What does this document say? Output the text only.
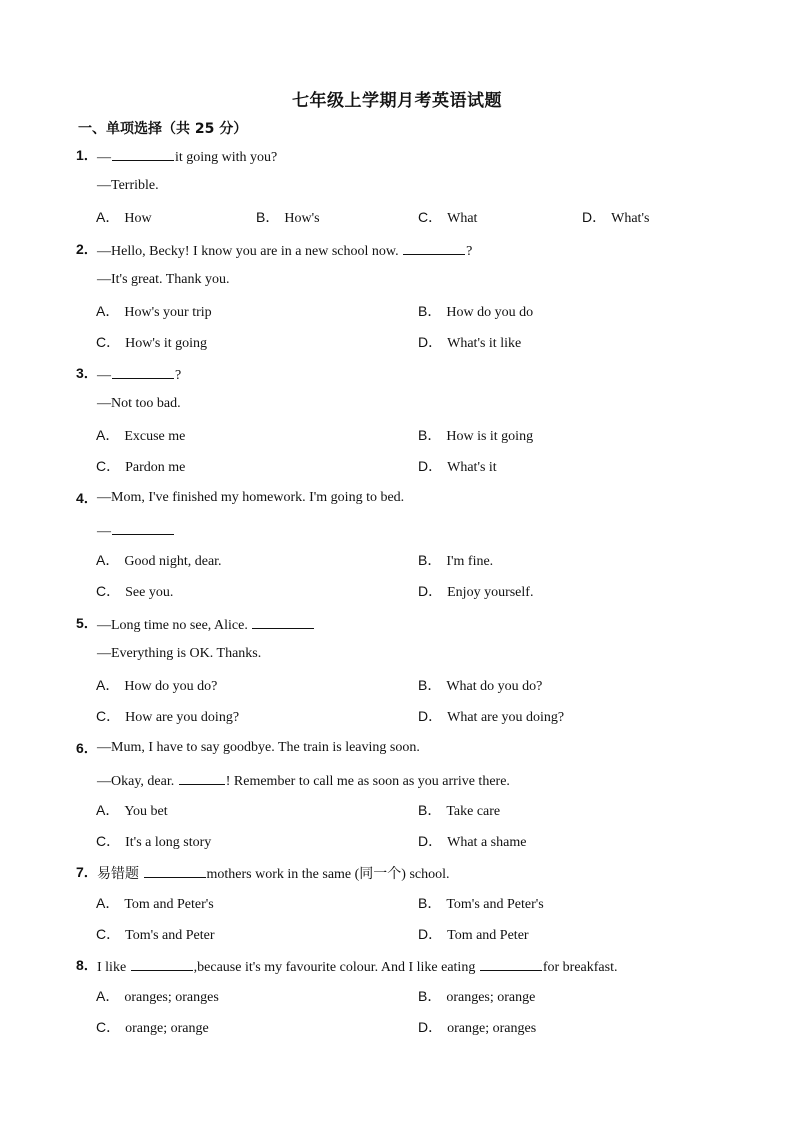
七年级上学期月考英语试题
一、单项选择（共 25 分）
1． —	it going with you?
—Terrible.
A． How	B． How's	C． What	D． What's
2． —Hello, Becky! I know you are in a new school now.	?
—It's great. Thank you.
A． How's your trip	B． How do you do
C． How's it going	D． What's it like
3． —	?
—Not too bad.
A． Excuse me	B． How is it going
C． Pardon me	D． What's it
4． —Mom, I've finished my homework. I'm going to bed.
—
A． Good night, dear.	B． I'm fine.
C． See you.	D． Enjoy yourself.
5． —Long time no see, Alice.
—Everything is OK. Thanks.
A． How do you do?	B． What do you do?
C． How are you doing?	D． What are you doing?
6． —Mum, I have to say goodbye. The train is leaving soon.
—Okay, dear.	! Remember to call me as soon as you arrive there.
A． You bet	B． Take care
C． It's a long story	D． What a shame
7． 易错题	mothers work in the same (同一个) school.
A． Tom and Peter's	B． Tom's and Peter's
C． Tom's and Peter	D． Tom and Peter
8． I like	,because it's my favourite colour. And I like eating	for breakfast.
A． oranges; oranges	B． oranges; orange
C． orange; orange	D． orange; oranges
